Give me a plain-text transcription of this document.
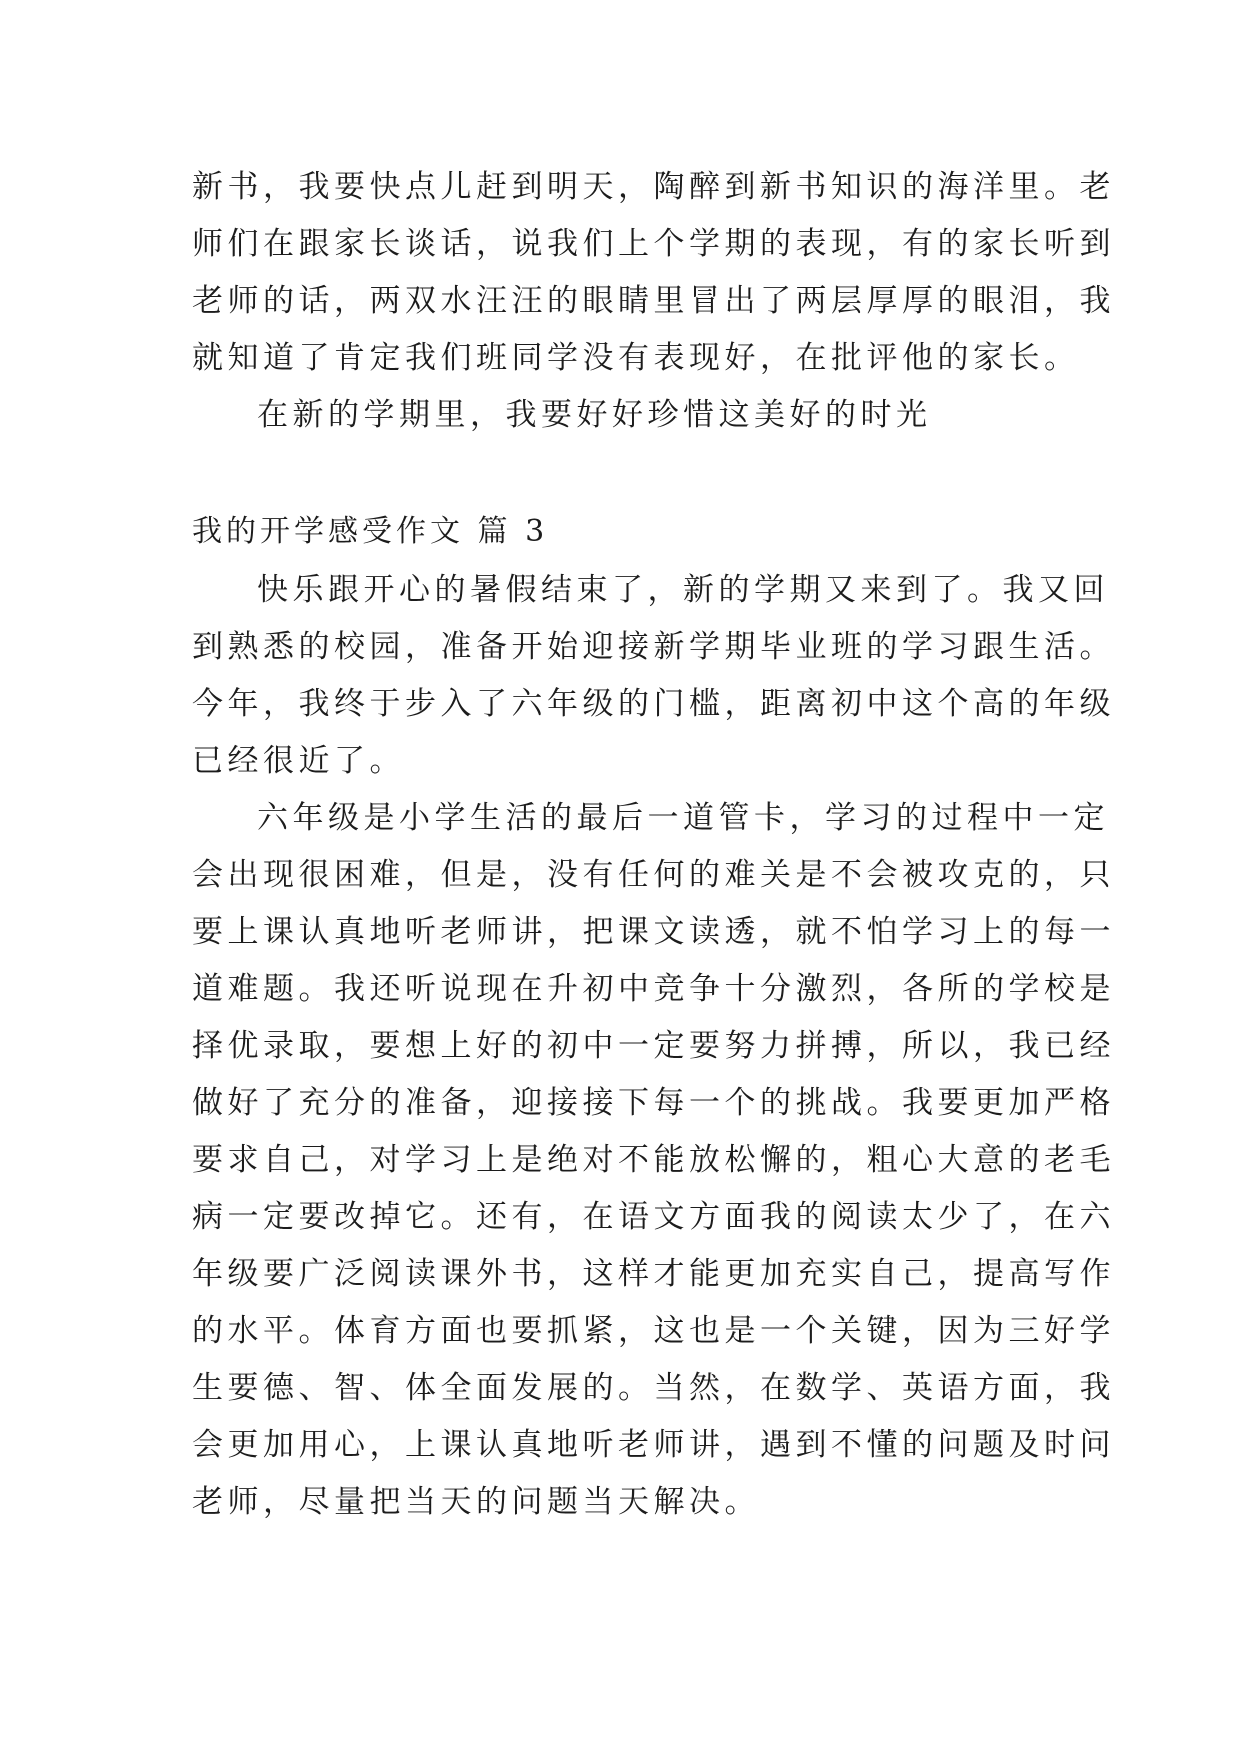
新书，我要快点儿赶到明天，陶醉到新书知识的海洋里。老
师们在跟家长谈话，说我们上个学期的表现，有的家长听到
老师的话，两双水汪汪的眼睛里冒出了两层厚厚的眼泪，我
就知道了肯定我们班同学没有表现好，在批评他的家长。
在新的学期里，我要好好珍惜这美好的时光
我的开学感受作文 篇 3
快乐跟开心的暑假结束了，新的学期又来到了。我又回
到熟悉的校园，准备开始迎接新学期毕业班的学习跟生活。
今年，我终于步入了六年级的门槛，距离初中这个高的年级
已经很近了。
六年级是小学生活的最后一道管卡，学习的过程中一定
会出现很困难，但是，没有任何的难关是不会被攻克的，只
要上课认真地听老师讲，把课文读透，就不怕学习上的每一
道难题。我还听说现在升初中竞争十分激烈，各所的学校是
择优录取，要想上好的初中一定要努力拼搏，所以，我已经
做好了充分的准备，迎接接下每一个的挑战。我要更加严格
要求自己，对学习上是绝对不能放松懈的，粗心大意的老毛
病一定要改掉它。还有，在语文方面我的阅读太少了，在六
年级要广泛阅读课外书，这样才能更加充实自己，提高写作
的水平。体育方面也要抓紧，这也是一个关键，因为三好学
生要德、智、体全面发展的。当然，在数学、英语方面，我
会更加用心，上课认真地听老师讲，遇到不懂的问题及时问
老师，尽量把当天的问题当天解决。
